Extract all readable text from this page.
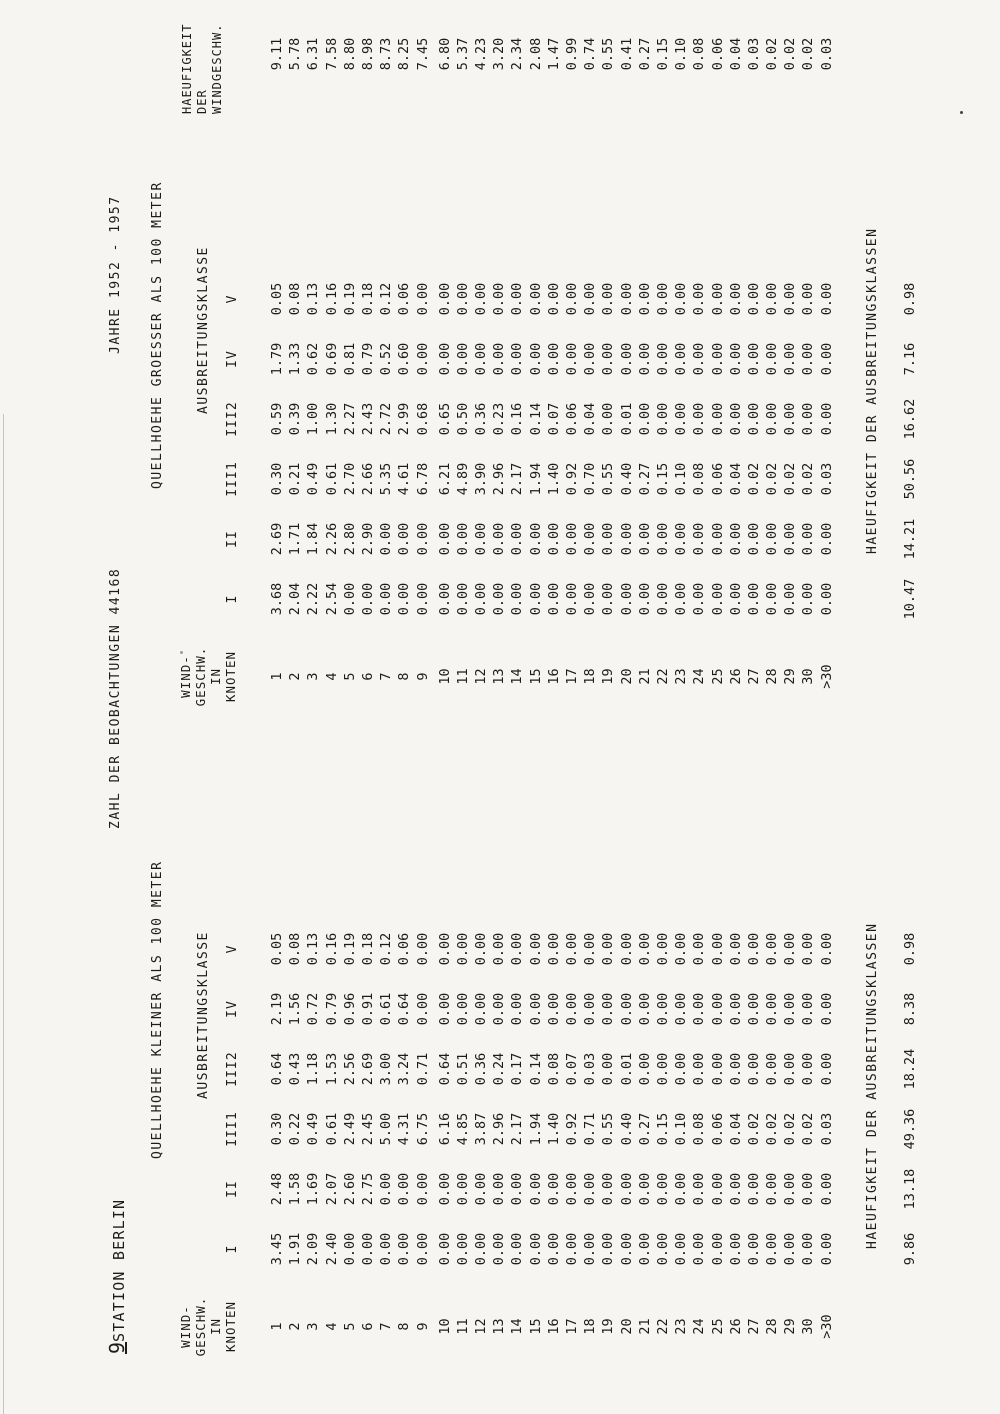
9STATION BERLIN
ZAHL DER BEOBACHTUNGEN 44168
JAHRE 1952 - 1957
QUELLHOEHE KLEINER ALS 100 METER
QUELLHOEHE GROESSER ALS 100 METER
WIND- GESCHW. IN KNOTEN
WIND- GESCHW. IN KNOTEN
AUSBREITUNGSKLASSE
AUSBREITUNGSKLASSE
HAEUFIGKEIT DER WINDGESCHW.
I
II
III1
III2
IV
V
I
II
III1
III2
IV
V
1
3.45
2.48
0.30
0.64
2.19
0.05
2
1.91
1.58
0.22
0.43
1.56
0.08
3
2.09
1.69
0.49
1.18
0.72
0.13
4
2.40
2.07
0.61
1.53
0.79
0.16
5
0.00
2.60
2.49
2.56
0.96
0.19
6
0.00
2.75
2.45
2.69
0.91
0.18
7
0.00
0.00
5.00
3.00
0.61
0.12
8
0.00
0.00
4.31
3.24
0.64
0.06
9
0.00
0.00
6.75
0.71
0.00
0.00
10
0.00
0.00
6.16
0.64
0.00
0.00
11
0.00
0.00
4.85
0.51
0.00
0.00
12
0.00
0.00
3.87
0.36
0.00
0.00
13
0.00
0.00
2.96
0.24
0.00
0.00
14
0.00
0.00
2.17
0.17
0.00
0.00
15
0.00
0.00
1.94
0.14
0.00
0.00
16
0.00
0.00
1.40
0.08
0.00
0.00
17
0.00
0.00
0.92
0.07
0.00
0.00
18
0.00
0.00
0.71
0.03
0.00
0.00
19
0.00
0.00
0.55
0.00
0.00
0.00
20
0.00
0.00
0.40
0.01
0.00
0.00
21
0.00
0.00
0.27
0.00
0.00
0.00
22
0.00
0.00
0.15
0.00
0.00
0.00
23
0.00
0.00
0.10
0.00
0.00
0.00
24
0.00
0.00
0.08
0.00
0.00
0.00
25
0.00
0.00
0.06
0.00
0.00
0.00
26
0.00
0.00
0.04
0.00
0.00
0.00
27
0.00
0.00
0.02
0.00
0.00
0.00
28
0.00
0.00
0.02
0.00
0.00
0.00
29
0.00
0.00
0.02
0.00
0.00
0.00
30
0.00
0.00
0.02
0.00
0.00
0.00
>30
0.00
0.00
0.03
0.00
0.00
0.00
1
3.68
2.69
0.30
0.59
1.79
0.05
2
2.04
1.71
0.21
0.39
1.33
0.08
3
2.22
1.84
0.49
1.00
0.62
0.13
4
2.54
2.26
0.61
1.30
0.69
0.16
5
0.00
2.80
2.70
2.27
0.81
0.19
6
0.00
2.90
2.66
2.43
0.79
0.18
7
0.00
0.00
5.35
2.72
0.52
0.12
8
0.00
0.00
4.61
2.99
0.60
0.06
9
0.00
0.00
6.78
0.68
0.00
0.00
10
0.00
0.00
6.21
0.65
0.00
0.00
11
0.00
0.00
4.89
0.50
0.00
0.00
12
0.00
0.00
3.90
0.36
0.00
0.00
13
0.00
0.00
2.96
0.23
0.00
0.00
14
0.00
0.00
2.17
0.16
0.00
0.00
15
0.00
0.00
1.94
0.14
0.00
0.00
16
0.00
0.00
1.40
0.07
0.00
0.00
17
0.00
0.00
0.92
0.06
0.00
0.00
18
0.00
0.00
0.70
0.04
0.00
0.00
19
0.00
0.00
0.55
0.00
0.00
0.00
20
0.00
0.00
0.40
0.01
0.00
0.00
21
0.00
0.00
0.27
0.00
0.00
0.00
22
0.00
0.00
0.15
0.00
0.00
0.00
23
0.00
0.00
0.10
0.00
0.00
0.00
24
0.00
0.00
0.08
0.00
0.00
0.00
25
0.00
0.00
0.06
0.00
0.00
0.00
26
0.00
0.00
0.04
0.00
0.00
0.00
27
0.00
0.00
0.02
0.00
0.00
0.00
28
0.00
0.00
0.02
0.00
0.00
0.00
29
0.00
0.00
0.02
0.00
0.00
0.00
30
0.00
0.00
0.02
0.00
0.00
0.00
>30
0.00
0.00
0.03
0.00
0.00
0.00
9.11 5.78 6.31 7.58 8.80 8.98 8.73 8.25 7.45 6.80 5.37 4.23 3.20 2.34 2.08 1.47 0.99 0.74 0.55 0.41 0.27 0.15 0.10 0.08 0.06 0.04 0.03 0.02 0.02 0.02 0.03
HAEUFIGKEIT DER AUSBREITUNGSKLASSEN
HAEUFIGKEIT DER AUSBREITUNGSKLASSEN
9.86
13.18
49.36
18.24
8.38
0.98
10.47
14.21
50.56
16.62
7.16
0.98
